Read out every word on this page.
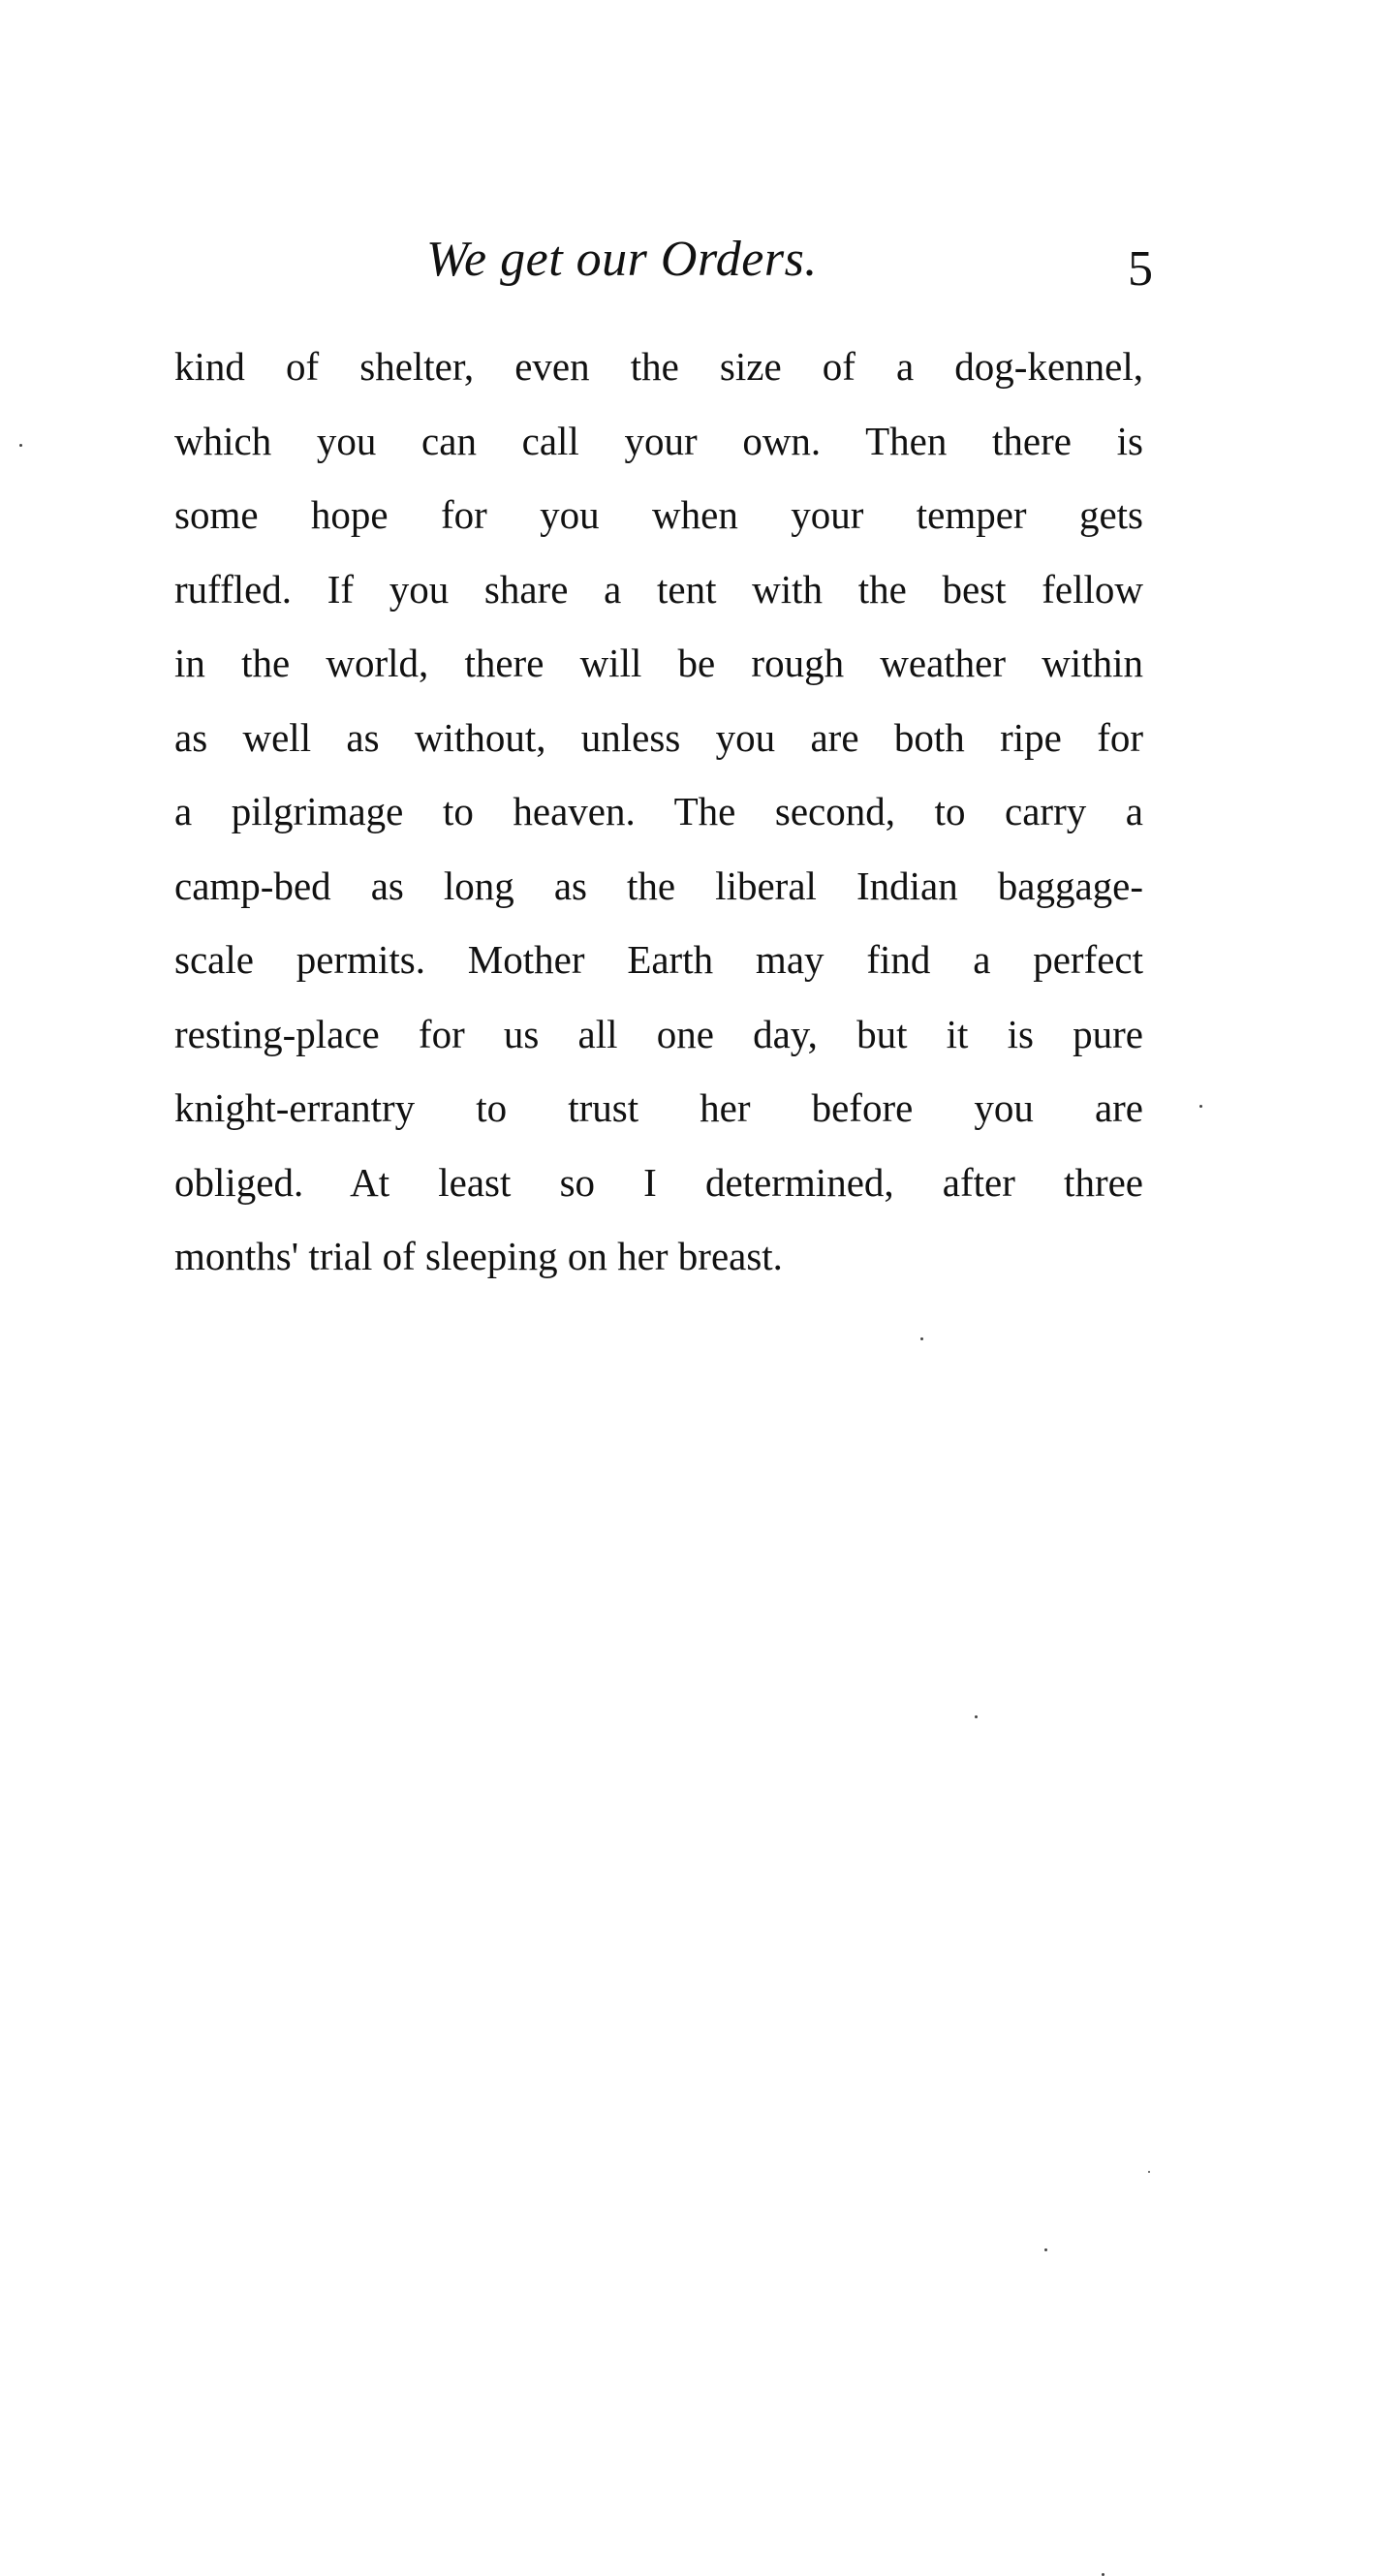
We get our Orders.	5
kind of shelter, even the size of a dog-kennel,
which you can call your own. Then there is
some hope for you when your temper gets
ruffled. If you share a tent with the best fellow
in the world, there will be rough weather within
as well as without, unless you are both ripe for
a pilgrimage to heaven. The second, to carry a
camp-bed as long as the liberal Indian baggage-
scale permits. Mother Earth may find a perfect
resting-place for us all one day, but it is pure
knight-errantry to trust her before you are
obliged. At least so I determined, after three
months' trial of sleeping on her breast.
